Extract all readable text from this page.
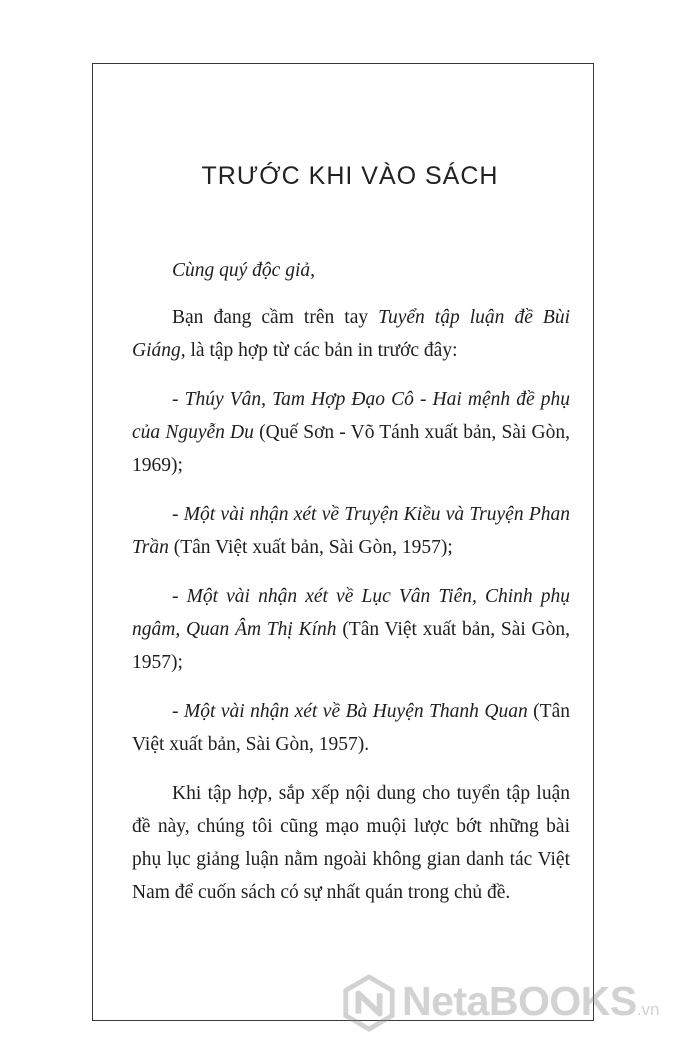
TRƯỚC KHI VÀO SÁCH

Cùng quý độc giả,

Bạn đang cầm trên tay Tuyển tập luận đề Bùi Giáng, là tập hợp từ các bản in trước đây:

- Thúy Vân, Tam Hợp Đạo Cô - Hai mệnh đề phụ của Nguyễn Du (Quế Sơn - Võ Tánh xuất bản, Sài Gòn, 1969);

- Một vài nhận xét về Truyện Kiều và Truyện Phan Trần (Tân Việt xuất bản, Sài Gòn, 1957);

- Một vài nhận xét về Lục Vân Tiên, Chinh phụ ngâm, Quan Âm Thị Kính (Tân Việt xuất bản, Sài Gòn, 1957);

- Một vài nhận xét về Bà Huyện Thanh Quan (Tân Việt xuất bản, Sài Gòn, 1957).

Khi tập hợp, sắp xếp nội dung cho tuyển tập luận đề này, chúng tôi cũng mạo muội lược bớt những bài phụ lục giảng luận nằm ngoài không gian danh tác Việt Nam để cuốn sách có sự nhất quán trong chủ đề.

NetaBOOKS.vn
